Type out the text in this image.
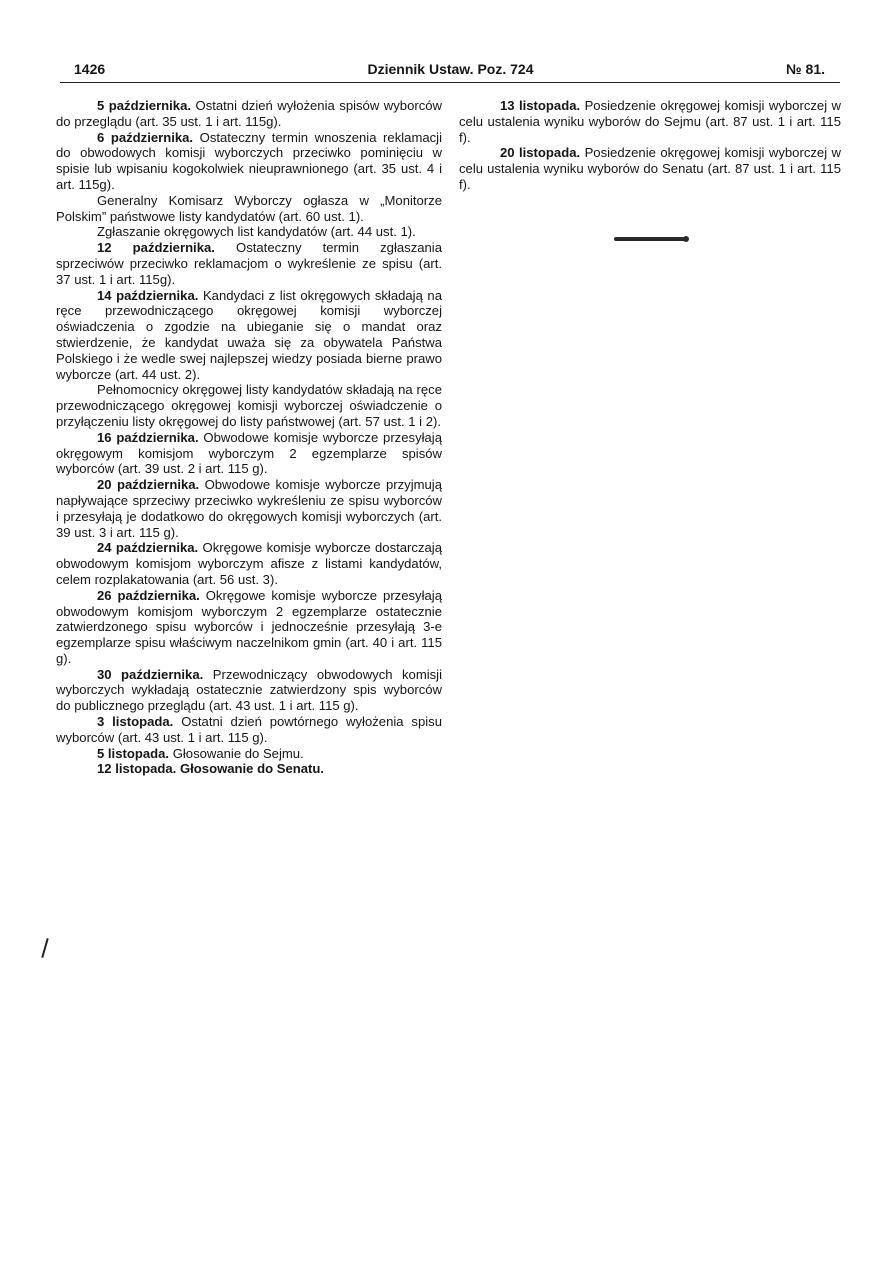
1426	Dziennik Ustaw. Poz. 724	№ 81.

5 października. Ostatni dzień wyłożenia spisów wyborców do przeglądu (art. 35 ust. 1 i art. 115g).

6 października. Ostateczny termin wnoszenia reklamacji do obwodowych komisji wyborczych przeciwko pominięciu w spisie lub wpisaniu kogokolwiek nieuprawnionego (art. 35 ust. 4 i art. 115g).

Generalny Komisarz Wyborczy ogłasza w „Monitorze Polskim” państwowe listy kandydatów (art. 60 ust. 1).

Zgłaszanie okręgowych list kandydatów (art. 44 ust. 1).

12 października. Ostateczny termin zgłaszania sprzeciwów przeciwko reklamacjom o wykreślenie ze spisu (art. 37 ust. 1 i art. 115g).

14 października. Kandydaci z list okręgowych składają na ręce przewodniczącego okręgowej komisji wyborczej oświadczenia o zgodzie na ubieganie się o mandat oraz stwierdzenie, że kandydat uważa się za obywatela Państwa Polskiego i że wedle swej najlepszej wiedzy posiada bierne prawo wyborcze (art. 44 ust. 2).

Pełnomocnicy okręgowej listy kandydatów składają na ręce przewodniczącego okręgowej komisji wyborczej oświadczenie o przyłączeniu listy okręgowej do listy państwowej (art. 57 ust. 1 i 2).

16 października. Obwodowe komisje wyborcze przesyłają okręgowym komisjom wyborczym 2 egzemplarze spisów wyborców (art. 39 ust. 2 i art. 115 g).

20 października. Obwodowe komisje wyborcze przyjmują napływające sprzeciwy przeciwko wykreśleniu ze spisu wyborców i przesyłają je dodatkowo do okręgowych komisji wyborczych (art. 39 ust. 3 i art. 115 g).

24 października. Okręgowe komisje wyborcze dostarczają obwodowym komisjom wyborczym afisze z listami kandydatów, celem rozplakatowania (art. 56 ust. 3).

26 października. Okręgowe komisje wyborcze przesyłają obwodowym komisjom wyborczym 2 egzemplarze ostatecznie zatwierdzonego spisu wyborców i jednocześnie przesyłają 3-e egzemplarze spisu właściwym naczelnikom gmin (art. 40 i art. 115 g).

30 października. Przewodniczący obwodowych komisji wyborczych wykładają ostatecznie zatwierdzony spis wyborców do publicznego przeglądu (art. 43 ust. 1 i art. 115 g).

3 listopada. Ostatni dzień powtórnego wyłożenia spisu wyborców (art. 43 ust. 1 i art. 115 g).

5 listopada. Głosowanie do Sejmu.

12 listopada. Głosowanie do Senatu.

13 listopada. Posiedzenie okręgowej komisji wyborczej w celu ustalenia wyniku wyborów do Sejmu (art. 87 ust. 1 i art. 115 f).

20 listopada. Posiedzenie okręgowej komisji wyborczej w celu ustalenia wyniku wyborów do Senatu (art. 87 ust. 1 i art. 115 f).
